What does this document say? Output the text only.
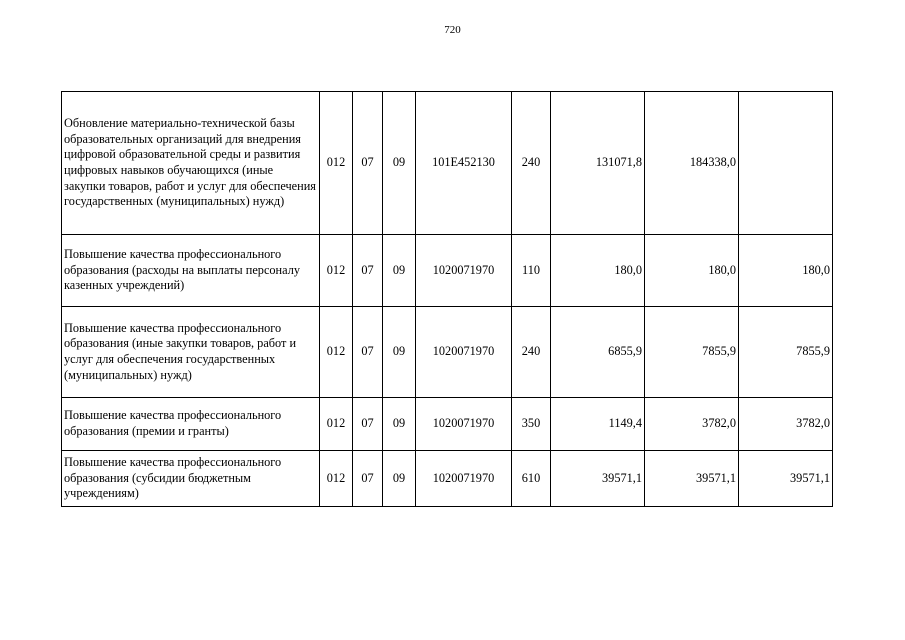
720
Обновление материально-технической базы образовательных организаций для внедрения цифровой образовательной среды и развития цифровых навыков обучающихся (иные закупки товаров, работ и услуг для обеспечения государственных (муниципальных) нужд)	012	07	09	101E452130	240	131071,8	184338,0	
Повышение качества профессионального образования (расходы на выплаты персоналу казенных учреждений)	012	07	09	1020071970	110	180,0	180,0	180,0
Повышение качества профессионального образования (иные закупки товаров, работ и услуг для обеспечения государственных (муниципальных) нужд)	012	07	09	1020071970	240	6855,9	7855,9	7855,9
Повышение качества профессионального образования (премии и гранты)	012	07	09	1020071970	350	1149,4	3782,0	3782,0
Повышение качества профессионального образования (субсидии бюджетным учреждениям)	012	07	09	1020071970	610	39571,1	39571,1	39571,1
